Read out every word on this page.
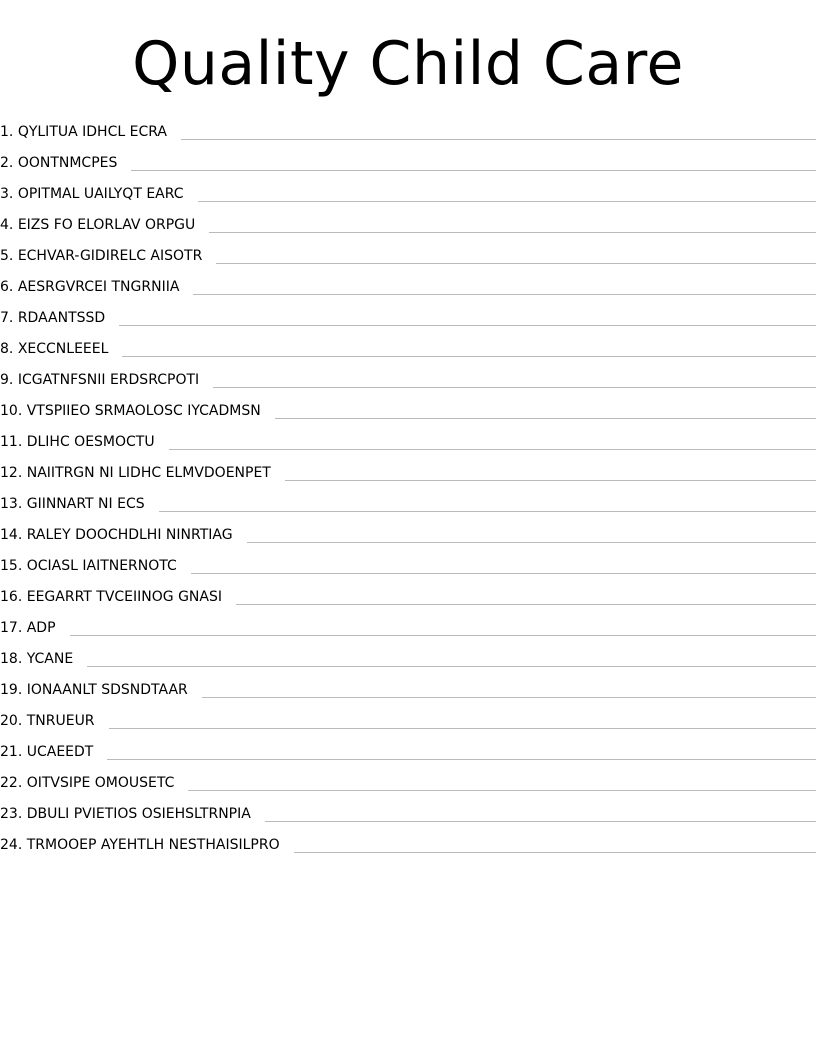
Quality Child Care
1. QYLITUA IDHCL ECRA
2. OONTNMCPES
3. OPITMAL UAILYQT EARC
4. EIZS FO ELORLAV ORPGU
5. ECHVAR-GIDIRELC AISOTR
6. AESRGVRCEI TNGRNIIA
7. RDAANTSSD
8. XECCNLEEEL
9. ICGATNFSNII ERDSRCPOTI
10. VTSPIIEO SRMAOLOSC IYCADMSN
11. DLIHC OESMOCTU
12. NAIITRGN NI LIDHC ELMVDOENPET
13. GIINNART NI ECS
14. RALEY DOOCHDLHI NINRTIAG
15. OCIASL IAITNERNOTC
16. EEGARRT TVCEIINOG GNASI
17. ADP
18. YCANE
19. IONAANLT SDSNDTAAR
20. TNRUEUR
21. UCAEEDT
22. OITVSIPE OMOUSETC
23. DBULI PVIETIOS OSIEHSLTRNPIA
24. TRMOOEP AYEHTLH NESTHAISILPRO
